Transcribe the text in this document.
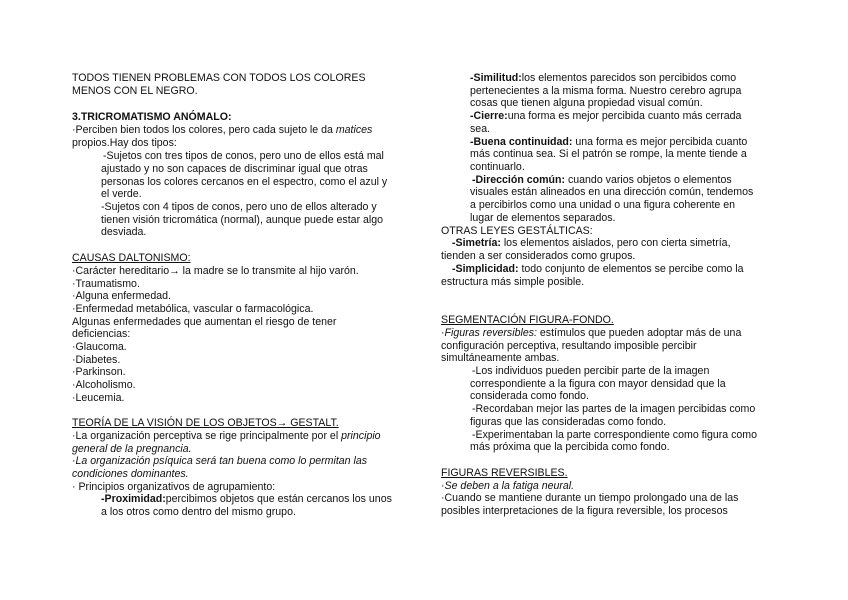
TODOS TIENEN PROBLEMAS CON TODOS LOS COLORES
MENOS CON EL NEGRO.
3.TRICROMATISMO ANÓMALO:
·Perciben bien todos los colores, pero cada sujeto le da matices
propios.Hay dos tipos:
-Sujetos con tres tipos de conos, pero uno de ellos está mal
ajustado y no son capaces de discriminar igual que otras
personas los colores cercanos en el espectro, como el azul y
el verde.
-Sujetos con 4 tipos de conos, pero uno de ellos alterado y
tienen visión tricromática (normal), aunque puede estar algo
desviada.
CAUSAS DALTONISMO:
·Carácter hereditario→ la madre se lo transmite al hijo varón.
·Traumatismo.
·Alguna enfermedad.
·Enfermedad metabólica, vascular o farmacológica.
Algunas enfermedades que aumentan el riesgo de tener
deficiencias:
·Glaucoma.
·Diabetes.
·Parkinson.
·Alcoholismo.
·Leucemia.
TEORÍA DE LA VISIÓN DE LOS OBJETOS→ GESTALT.
·La organización perceptiva se rige principalmente por el principio
general de la pregnancia.
·La organización psíquica será tan buena como lo permitan las
condiciones dominantes.
· Principios organizativos de agrupamiento:
-Proximidad:percibimos objetos que están cercanos los unos
a los otros como dentro del mismo grupo.
-Similitud:los elementos parecidos son percibidos como
pertenecientes a la misma forma. Nuestro cerebro agrupa
cosas que tienen alguna propiedad visual común.
-Cierre:una forma es mejor percibida cuanto más cerrada
sea.
-Buena continuidad: una forma es mejor percibida cuanto
más continua sea. Si el patrón se rompe, la mente tiende a
continuarlo.
-Dirección común: cuando varios objetos o elementos
visuales están alineados en una dirección común, tendemos
a percibirlos como una unidad o una figura coherente en
lugar de elementos separados.
OTRAS LEYES GESTÁLTICAS:
-Simetría: los elementos aislados, pero con cierta simetría,
tienden a ser considerados como grupos.
-Simplicidad: todo conjunto de elementos se percibe como la
estructura más simple posible.
SEGMENTACIÓN FIGURA-FONDO.
·Figuras reversibles: estímulos que pueden adoptar más de una
configuración perceptiva, resultando imposible percibir
simultáneamente ambas.
-Los individuos pueden percibir parte de la imagen
correspondiente a la figura con mayor densidad que la
considerada como fondo.
-Recordaban mejor las partes de la imagen percibidas como
figuras que las consideradas como fondo.
-Experimentaban la parte correspondiente como figura como
más próxima que la percibida como fondo.
FIGURAS REVERSIBLES.
·Se deben a la fatiga neural.
·Cuando se mantiene durante un tiempo prolongado una de las
posibles interpretaciones de la figura reversible, los procesos
